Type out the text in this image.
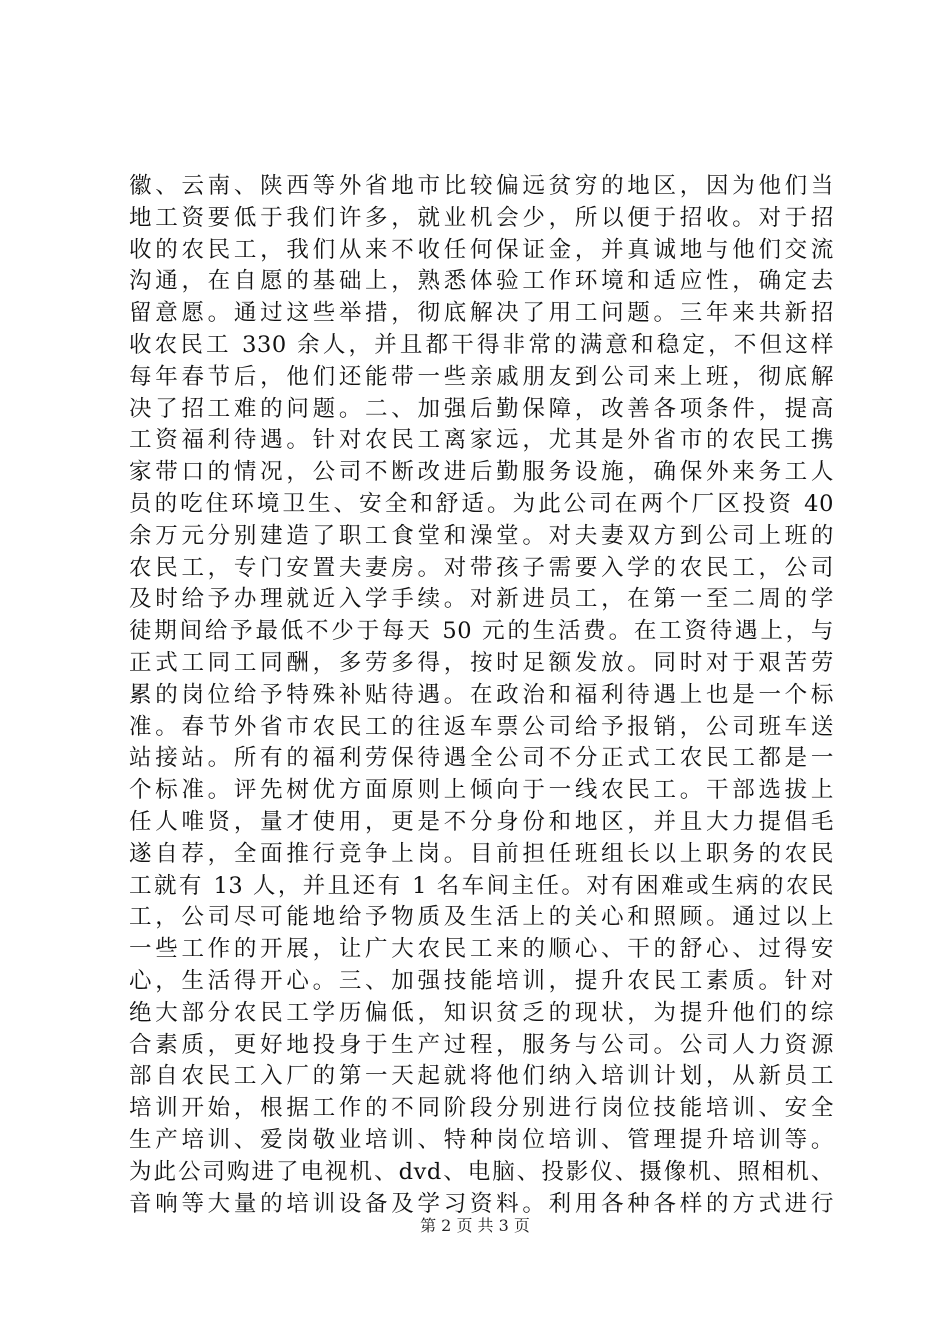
徽、云南、陕西等外省地市比较偏远贫穷的地区，因为他们当
地工资要低于我们许多，就业机会少，所以便于招收。对于招
收的农民工，我们从来不收任何保证金，并真诚地与他们交流
沟通，在自愿的基础上，熟悉体验工作环境和适应性，确定去
留意愿。通过这些举措，彻底解决了用工问题。三年来共新招
收农民工 330 余人，并且都干得非常的满意和稳定，不但这样
每年春节后，他们还能带一些亲戚朋友到公司来上班，彻底解
决了招工难的问题。二、加强后勤保障，改善各项条件，提高
工资福利待遇。针对农民工离家远，尤其是外省市的农民工携
家带口的情况，公司不断改进后勤服务设施，确保外来务工人
员的吃住环境卫生、安全和舒适。为此公司在两个厂区投资 40
余万元分别建造了职工食堂和澡堂。对夫妻双方到公司上班的
农民工，专门安置夫妻房。对带孩子需要入学的农民工，公司
及时给予办理就近入学手续。对新进员工，在第一至二周的学
徒期间给予最低不少于每天 50 元的生活费。在工资待遇上，与
正式工同工同酬，多劳多得，按时足额发放。同时对于艰苦劳
累的岗位给予特殊补贴待遇。在政治和福利待遇上也是一个标
准。春节外省市农民工的往返车票公司给予报销，公司班车送
站接站。所有的福利劳保待遇全公司不分正式工农民工都是一
个标准。评先树优方面原则上倾向于一线农民工。干部选拔上
任人唯贤，量才使用，更是不分身份和地区，并且大力提倡毛
遂自荐，全面推行竞争上岗。目前担任班组长以上职务的农民
工就有 13 人，并且还有 1 名车间主任。对有困难或生病的农民
工，公司尽可能地给予物质及生活上的关心和照顾。通过以上
一些工作的开展，让广大农民工来的顺心、干的舒心、过得安
心，生活得开心。三、加强技能培训，提升农民工素质。针对
绝大部分农民工学历偏低，知识贫乏的现状，为提升他们的综
合素质，更好地投身于生产过程，服务与公司。公司人力资源
部自农民工入厂的第一天起就将他们纳入培训计划，从新员工
培训开始，根据工作的不同阶段分别进行岗位技能培训、安全
生产培训、爱岗敬业培训、特种岗位培训、管理提升培训等。
为此公司购进了电视机、dvd、电脑、投影仪、摄像机、照相机、
音响等大量的培训设备及学习资料。利用各种各样的方式进行
第 2 页 共 3 页
